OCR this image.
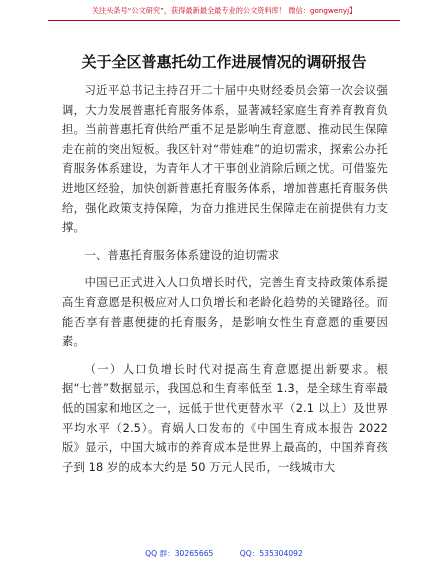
关注头条号“公文研究”，获得最新最全最专业的公文资料库！ 微信：gongwenyj】
关于全区普惠托幼工作进展情况的调研报告

习近平总书记主持召开二十届中央财经委员会第一次会议强调，大力发展普惠托育服务体系，显著减轻家庭生育养育教育负担。当前普惠托育供给严重不足是影响生育意愿、推动民生保障走在前的突出短板。我区针对“带娃难”的迫切需求，探索公办托育服务体系建设，为青年人才干事创业消除后顾之忧。可借鉴先进地区经验，加快创新普惠托育服务体系，增加普惠托育服务供给，强化政策支持保障，为奋力推进民生保障走在前提供有力支撑。

一、普惠托育服务体系建设的迫切需求

中国已正式进入人口负增长时代，完善生育支持政策体系提高生育意愿是积极应对人口负增长和老龄化趋势的关键路径。而能否享有普惠便捷的托育服务，是影响女性生育意愿的重要因素。

（一）人口负增长时代对提高生育意愿提出新要求。根据“七普”数据显示，我国总和生育率低至 1.3，是全球生育率最低的国家和地区之一，远低于世代更替水平（2.1 以上）及世界平均水平（2.5）。育娲人口发布的《中国生育成本报告 2022 版》显示，中国大城市的养育成本是世界上最高的，中国养育孩子到 18 岁的成本大约是 50 万元人民币，一线城市大

QQ 群：30265665	QQ：535304092
